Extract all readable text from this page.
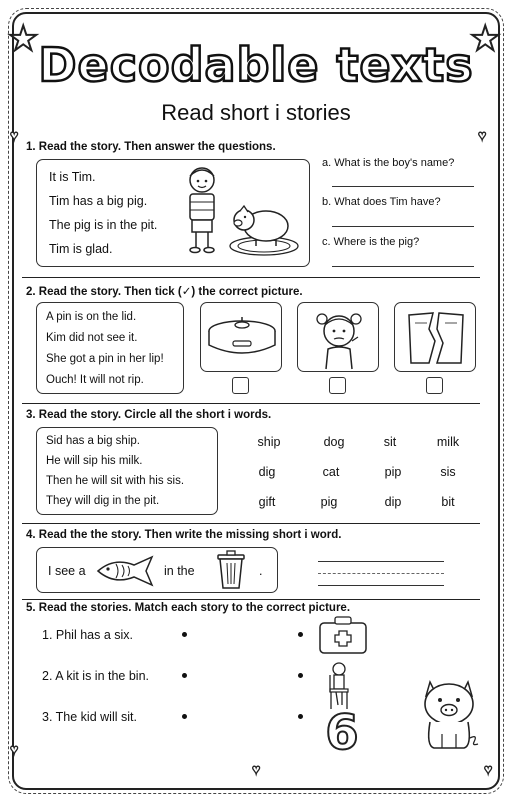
★	★
♥	♥
♥
♥	♥
Decodable texts
Read short i stories
1. Read the story. Then answer the questions.
It is Tim.
Tim has a big pig.
The pig is in the pit.
Tim is glad.
a. What is the boy's name?
b. What does Tim have?
c. Where is the pig?
2. Read the story. Then tick (✓) the correct picture.
A pin is on the lid.
Kim did not see it.
She got a pin in her lip!
Ouch! It will not rip.
3. Read the story. Circle all the short i words.
Sid has a big ship.
He will sip his milk.
Then he will sit with his sis.
They will dig in the pit.
ship	dog	sit	milk
dig	cat	pip	sis
gift	pig	dip	bit
4. Read the the story. Then write the missing short i word.
I see a	in the	.
5. Read the stories. Match each story to the correct picture.
1. Phil has a six.
2. A kit is in the bin.
3. The kid will sit.	6
